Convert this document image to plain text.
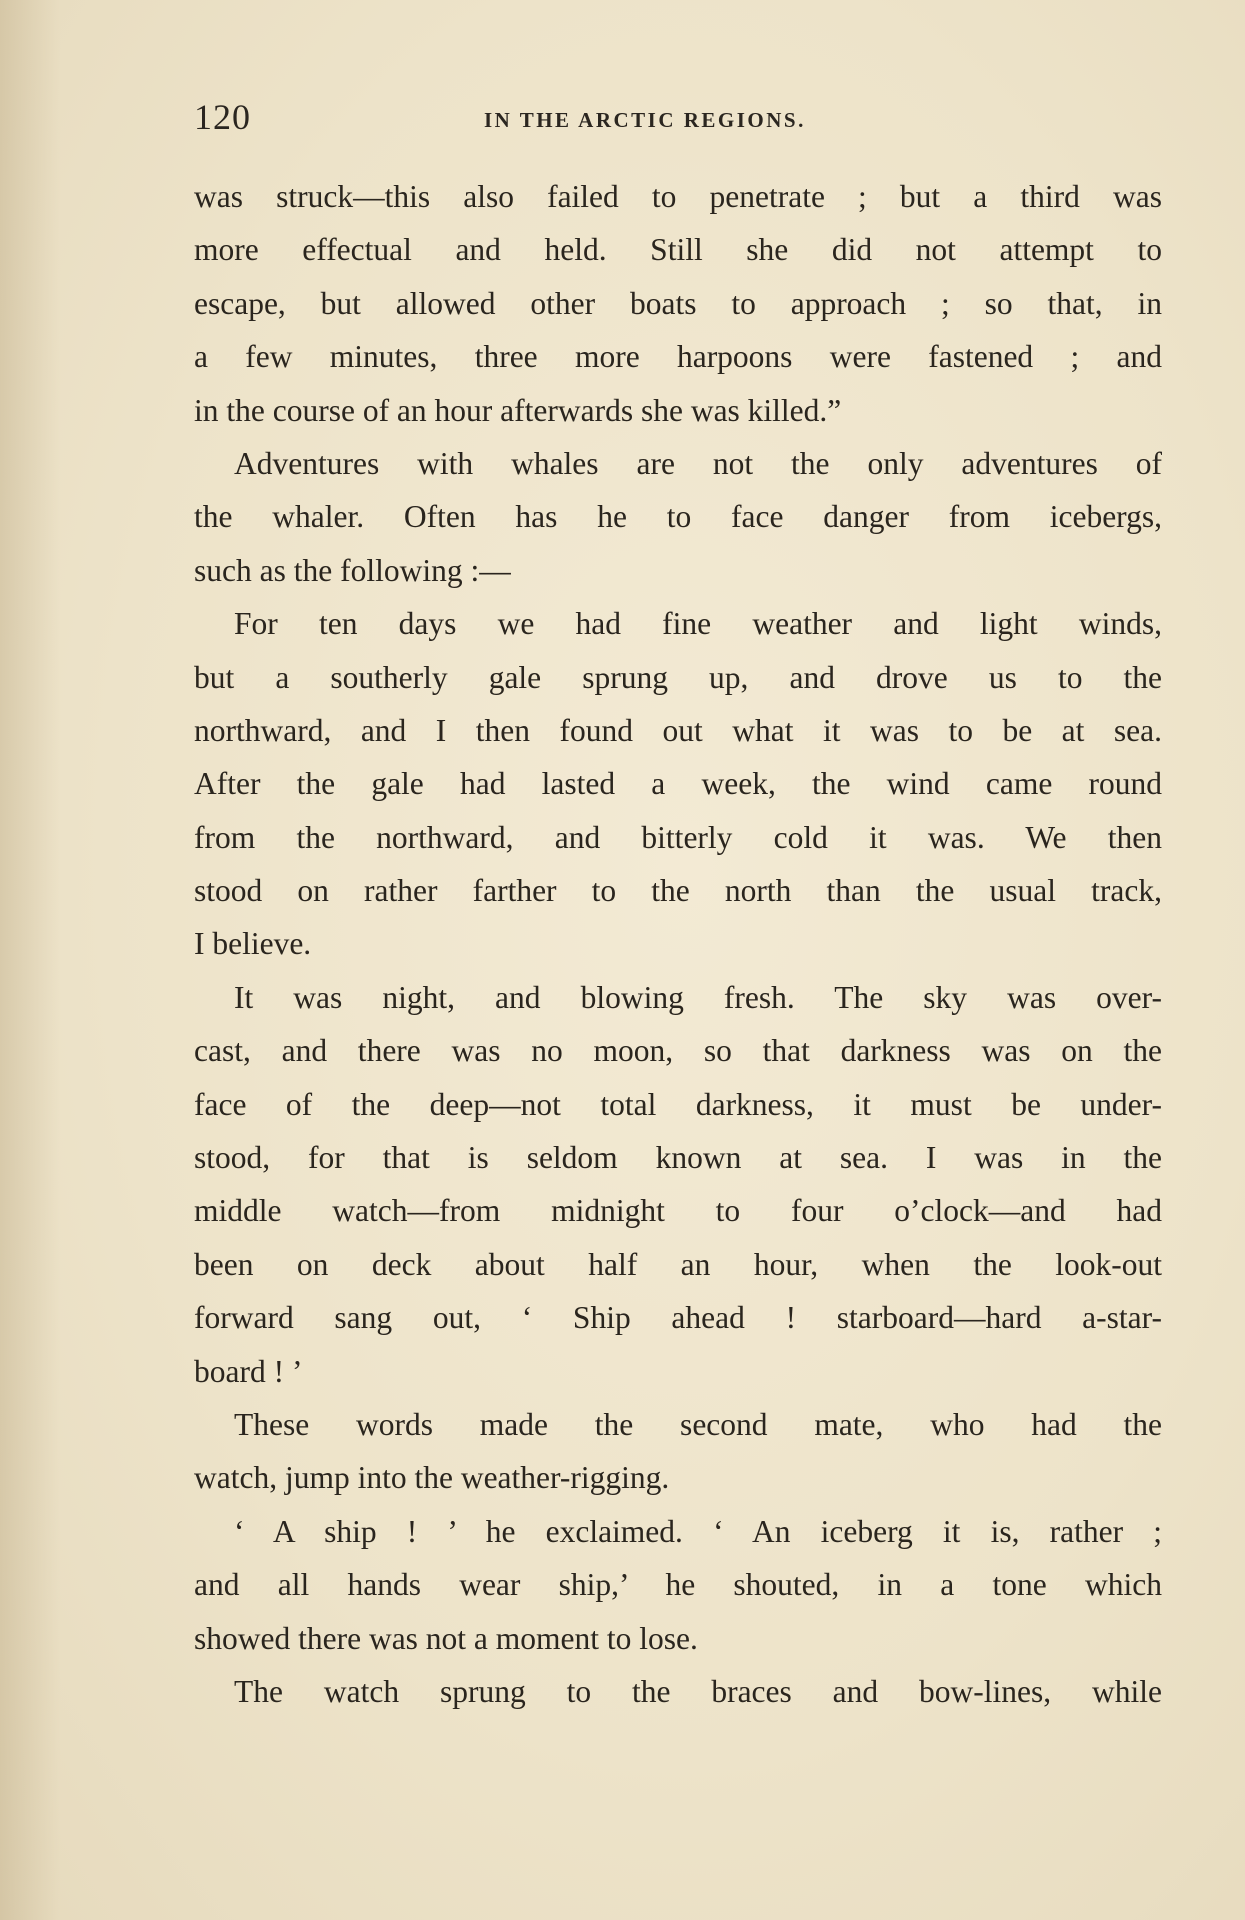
120	IN THE ARCTIC REGIONS.
was struck—this also failed to penetrate ; but a third was
more effectual and held. Still she did not attempt to
escape, but allowed other boats to approach ; so that, in
a few minutes, three more harpoons were fastened ; and
in the course of an hour afterwards she was killed.”
Adventures with whales are not the only adventures of
the whaler. Often has he to face danger from icebergs,
such as the following :—
For ten days we had fine weather and light winds,
but a southerly gale sprung up, and drove us to the
northward, and I then found out what it was to be at sea.
After the gale had lasted a week, the wind came round
from the northward, and bitterly cold it was. We then
stood on rather farther to the north than the usual track,
I believe.
It was night, and blowing fresh. The sky was over-
cast, and there was no moon, so that darkness was on the
face of the deep—not total darkness, it must be under-
stood, for that is seldom known at sea. I was in the
middle watch—from midnight to four o’clock—and had
been on deck about half an hour, when the look-out
forward sang out, ‘ Ship ahead ! starboard—hard a-star-
board ! ’
These words made the second mate, who had the
watch, jump into the weather-rigging.
‘ A ship ! ’ he exclaimed. ‘ An iceberg it is, rather ;
and all hands wear ship,’ he shouted, in a tone which
showed there was not a moment to lose.
The watch sprung to the braces and bow-lines, while
